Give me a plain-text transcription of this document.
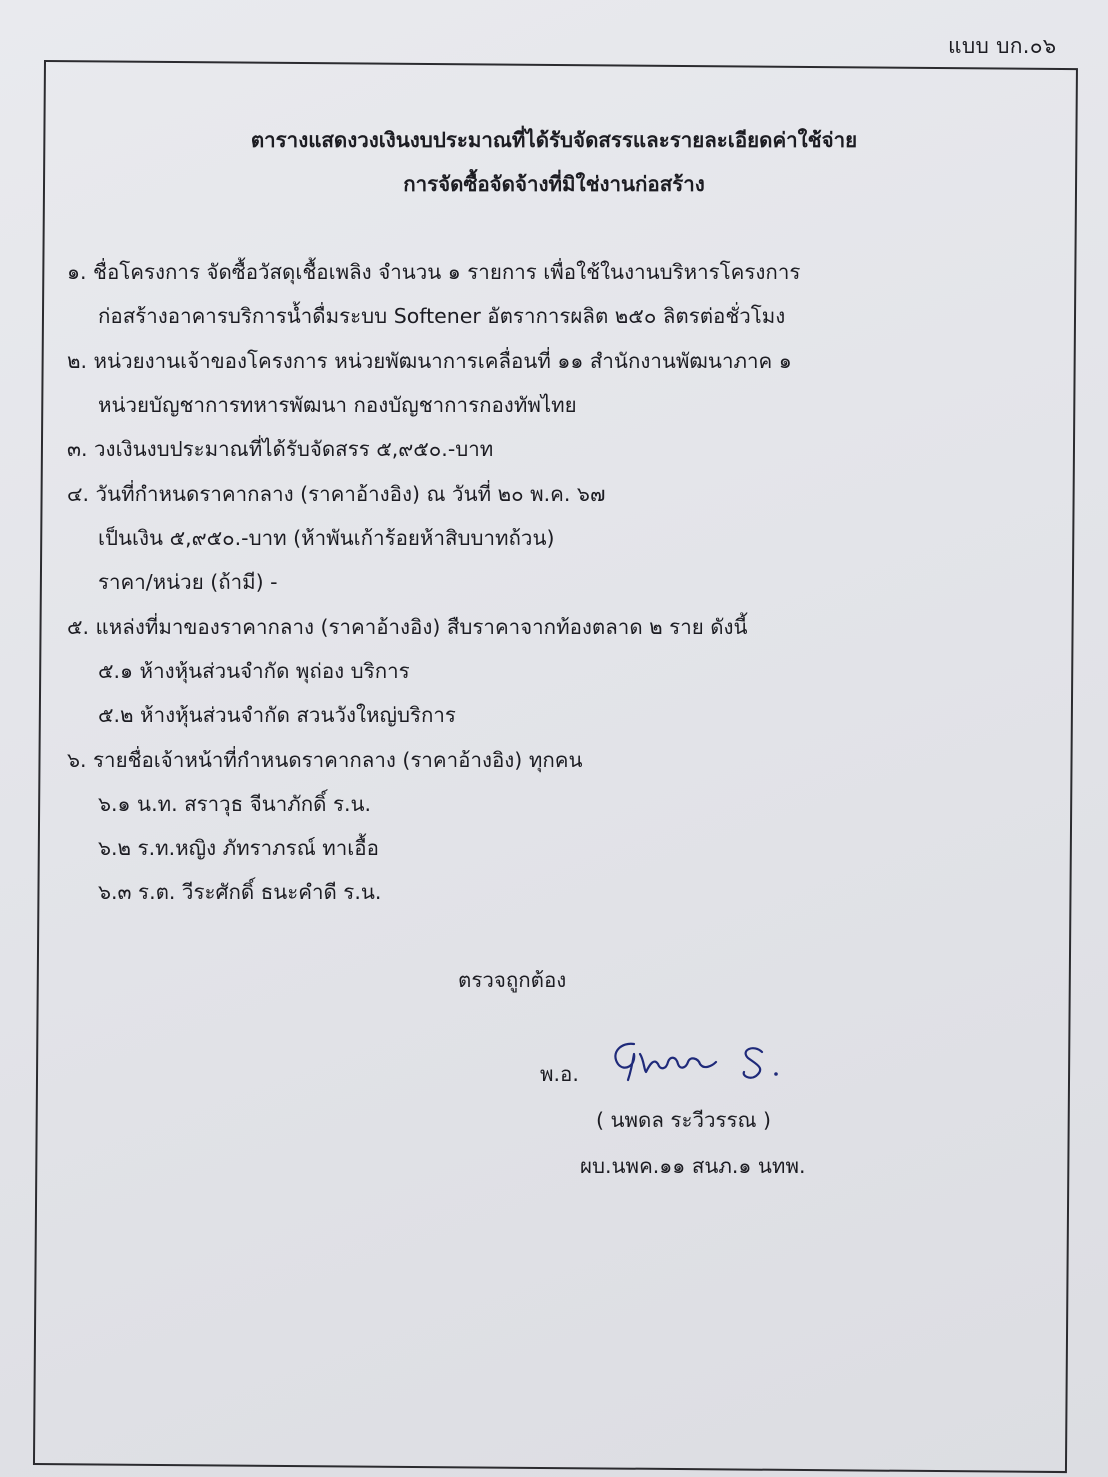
แบบ บก.๐๖
ตารางแสดงวงเงินงบประมาณที่ได้รับจัดสรรและรายละเอียดค่าใช้จ่าย
การจัดซื้อจัดจ้างที่มิใช่งานก่อสร้าง
๑. ชื่อโครงการ จัดซื้อวัสดุเชื้อเพลิง จำนวน ๑ รายการ เพื่อใช้ในงานบริหารโครงการ
ก่อสร้างอาคารบริการน้ำดื่มระบบ Softener อัตราการผลิต ๒๕๐ ลิตรต่อชั่วโมง
๒. หน่วยงานเจ้าของโครงการ หน่วยพัฒนาการเคลื่อนที่ ๑๑ สำนักงานพัฒนาภาค ๑
หน่วยบัญชาการทหารพัฒนา กองบัญชาการกองทัพไทย
๓. วงเงินงบประมาณที่ได้รับจัดสรร ๕,๙๕๐.-บาท
๔. วันที่กำหนดราคากลาง (ราคาอ้างอิง) ณ วันที่ ๒๐ พ.ค. ๖๗
เป็นเงิน ๕,๙๕๐.-บาท (ห้าพันเก้าร้อยห้าสิบบาทถ้วน)
ราคา/หน่วย (ถ้ามี) -
๕. แหล่งที่มาของราคากลาง (ราคาอ้างอิง) สืบราคาจากท้องตลาด ๒ ราย ดังนี้
๕.๑ ห้างหุ้นส่วนจำกัด พุถ่อง บริการ
๕.๒ ห้างหุ้นส่วนจำกัด สวนวังใหญ่บริการ
๖. รายชื่อเจ้าหน้าที่กำหนดราคากลาง (ราคาอ้างอิง) ทุกคน
๖.๑ น.ท. สราวุธ จีนาภักดิ์ ร.น.
๖.๒ ร.ท.หญิง ภัทราภรณ์ ทาเอื้อ
๖.๓ ร.ต. วีระศักดิ์ ธนะคำดี ร.น.
ตรวจถูกต้อง
พ.อ.
( นพดล ระวีวรรณ )
ผบ.นพค.๑๑ สนภ.๑ นทพ.
